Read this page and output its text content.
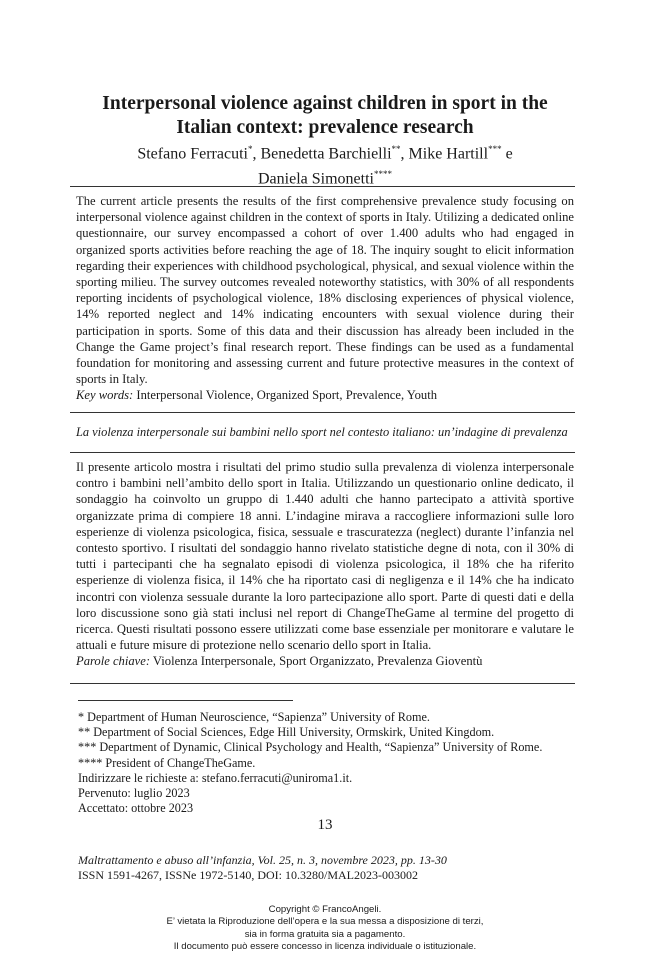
Interpersonal violence against children in sport in the
Italian context: prevalence research
Stefano Ferracuti*, Benedetta Barchielli**, Mike Hartill*** e
Daniela Simonetti****

The current article presents the results of the first comprehensive prevalence study focusing on interpersonal violence against children in the context of sports in Italy. Utilizing a dedicated online questionnaire, our survey encompassed a cohort of over 1.400 adults who had engaged in organized sports activities before reaching the age of 18. The inquiry sought to elicit information regarding their experiences with childhood psychological, physical, and sexual violence within the sporting milieu. The survey outcomes revealed noteworthy statistics, with 30% of all respondents reporting incidents of psychological violence, 18% disclosing experiences of physical violence, 14% reported neglect and 14% indicating encounters with sexual violence during their participation in sports. Some of this data and their discussion has already been included in the Change the Game project’s final research report. These findings can be used as a fundamental foundation for monitoring and assessing current and future protective measures in the context of sports in Italy.

Key words: Interpersonal Violence, Organized Sport, Prevalence, Youth
La violenza interpersonale sui bambini nello sport nel contesto italiano: un’indagine di prevalenza

Il presente articolo mostra i risultati del primo studio sulla prevalenza di violenza interpersonale contro i bambini nell’ambito dello sport in Italia. Utilizzando un questionario online dedicato, il sondaggio ha coinvolto un gruppo di 1.440 adulti che hanno partecipato a attività sportive organizzate prima di compiere 18 anni. L’indagine mirava a raccogliere informazioni sulle loro esperienze di violenza psicologica, fisica, sessuale e trascuratezza (neglect) durante l’infanzia nel contesto sportivo. I risultati del sondaggio hanno rivelato statistiche degne di nota, con il 30% di tutti i partecipanti che ha segnalato episodi di violenza psicologica, il 18% che ha riferito esperienze di violenza fisica, il 14% che ha riportato casi di negligenza e il 14% che ha indicato incontri con violenza sessuale durante la loro partecipazione allo sport. Parte di questi dati e della loro discussione sono già stati inclusi nel report di ChangeTheGame al termine del progetto di ricerca. Questi risultati possono essere utilizzati come base essenziale per monitorare e valutare le attuali e future misure di protezione nello scenario dello sport in Italia.

Parole chiave: Violenza Interpersonale, Sport Organizzato, Prevalenza Gioventù
* Department of Human Neuroscience, “Sapienza” University of Rome.
** Department of Social Sciences, Edge Hill University, Ormskirk, United Kingdom.
*** Department of Dynamic, Clinical Psychology and Health, “Sapienza” University of Rome.
**** President of ChangeTheGame.
Indirizzare le richieste a: stefano.ferracuti@uniroma1.it.
Pervenuto: luglio 2023
Accettato: ottobre 2023
13
Maltrattamento e abuso all’infanzia, Vol. 25, n. 3, novembre 2023, pp. 13-30
ISSN 1591-4267, ISSNe 1972-5140, DOI: 10.3280/MAL2023-003002
Copyright © FrancoAngeli.
E’ vietata la Riproduzione dell’opera e la sua messa a disposizione di terzi,
sia in forma gratuita sia a pagamento.
Il documento può essere concesso in licenza individuale o istituzionale.
